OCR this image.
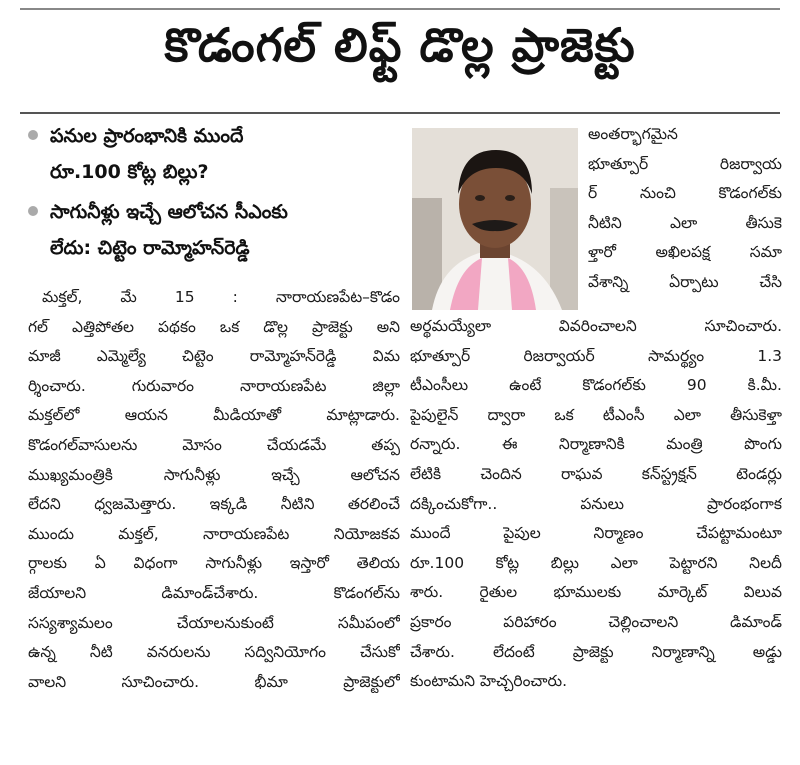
కొడంగల్ లిఫ్ట్ డొల్ల ప్రాజెక్టు
పనుల ప్రారంభానికి ముందే
రూ.100 కోట్ల బిల్లు?
సాగునీళ్లు ఇచ్చే ఆలోచన సీఎంకు
లేదు: చిట్టెం రామ్మోహన్‌రెడ్డి
మక్తల్, మే 15 : నారాయణపేట–కొడం
గల్ ఎత్తిపోతల పథకం ఒక డొల్ల ప్రాజెక్టు అని
మాజీ ఎమ్మెల్యే చిట్టెం రామ్మోహన్‌రెడ్డి విమ
ర్శించారు. గురువారం నారాయణపేట జిల్లా
మక్తల్‌లో ఆయన మీడియాతో మాట్లాడారు.
కొడంగల్‌వాసులను మోసం చేయడమే తప్ప
ముఖ్యమంత్రికి సాగునీళ్లు ఇచ్చే ఆలోచన
లేదని ధ్వజమెత్తారు. ఇక్కడి నీటిని తరలించే
ముందు మక్తల్, నారాయణపేట నియోజకవ
ర్గాలకు ఏ విధంగా సాగునీళ్లు ఇస్తారో తెలియ
జేయాలని డిమాండ్‌చేశారు. కొడంగల్‌ను
సస్యశ్యామలం చేయాలనుకుంటే సమీపంలో
ఉన్న నీటి వనరులను సద్వినియోగం చేసుకో
వాలని సూచించారు. భీమా ప్రాజెక్టులో
అంతర్భాగమైన
భూత్పూర్ రిజర్వాయ
ర్ నుంచి కొడంగల్‌కు
నీటిని ఎలా తీసుకె
ళ్తారో అఖిలపక్ష సమా
వేశాన్ని ఏర్పాటు చేసి
అర్థమయ్యేలా వివరించాలని సూచించారు.
భూత్పూర్ రిజర్వాయర్ సామర్థ్యం 1.3
టీఎంసీలు ఉంటే కొడంగల్‌కు 90 కి.మీ.
పైపులైన్ ద్వారా ఒక టీఎంసీ ఎలా తీసుకెళ్తా
రన్నారు. ఈ నిర్మాణానికి మంత్రి పొంగు
లేటికి చెందిన రాఘవ కన్‌స్ట్రక్షన్ టెండర్లు
దక్కించుకోగా.. పనులు ప్రారంభంగాక
ముందే పైపుల నిర్మాణం చేపట్టామంటూ
రూ.100 కోట్ల బిల్లు ఎలా పెట్టారని నిలదీ
శారు. రైతుల భూములకు మార్కెట్ విలువ
ప్రకారం పరిహారం చెల్లించాలని డిమాండ్
చేశారు. లేదంటే ప్రాజెక్టు నిర్మాణాన్ని అడ్డు
కుంటామని హెచ్చరించారు.
